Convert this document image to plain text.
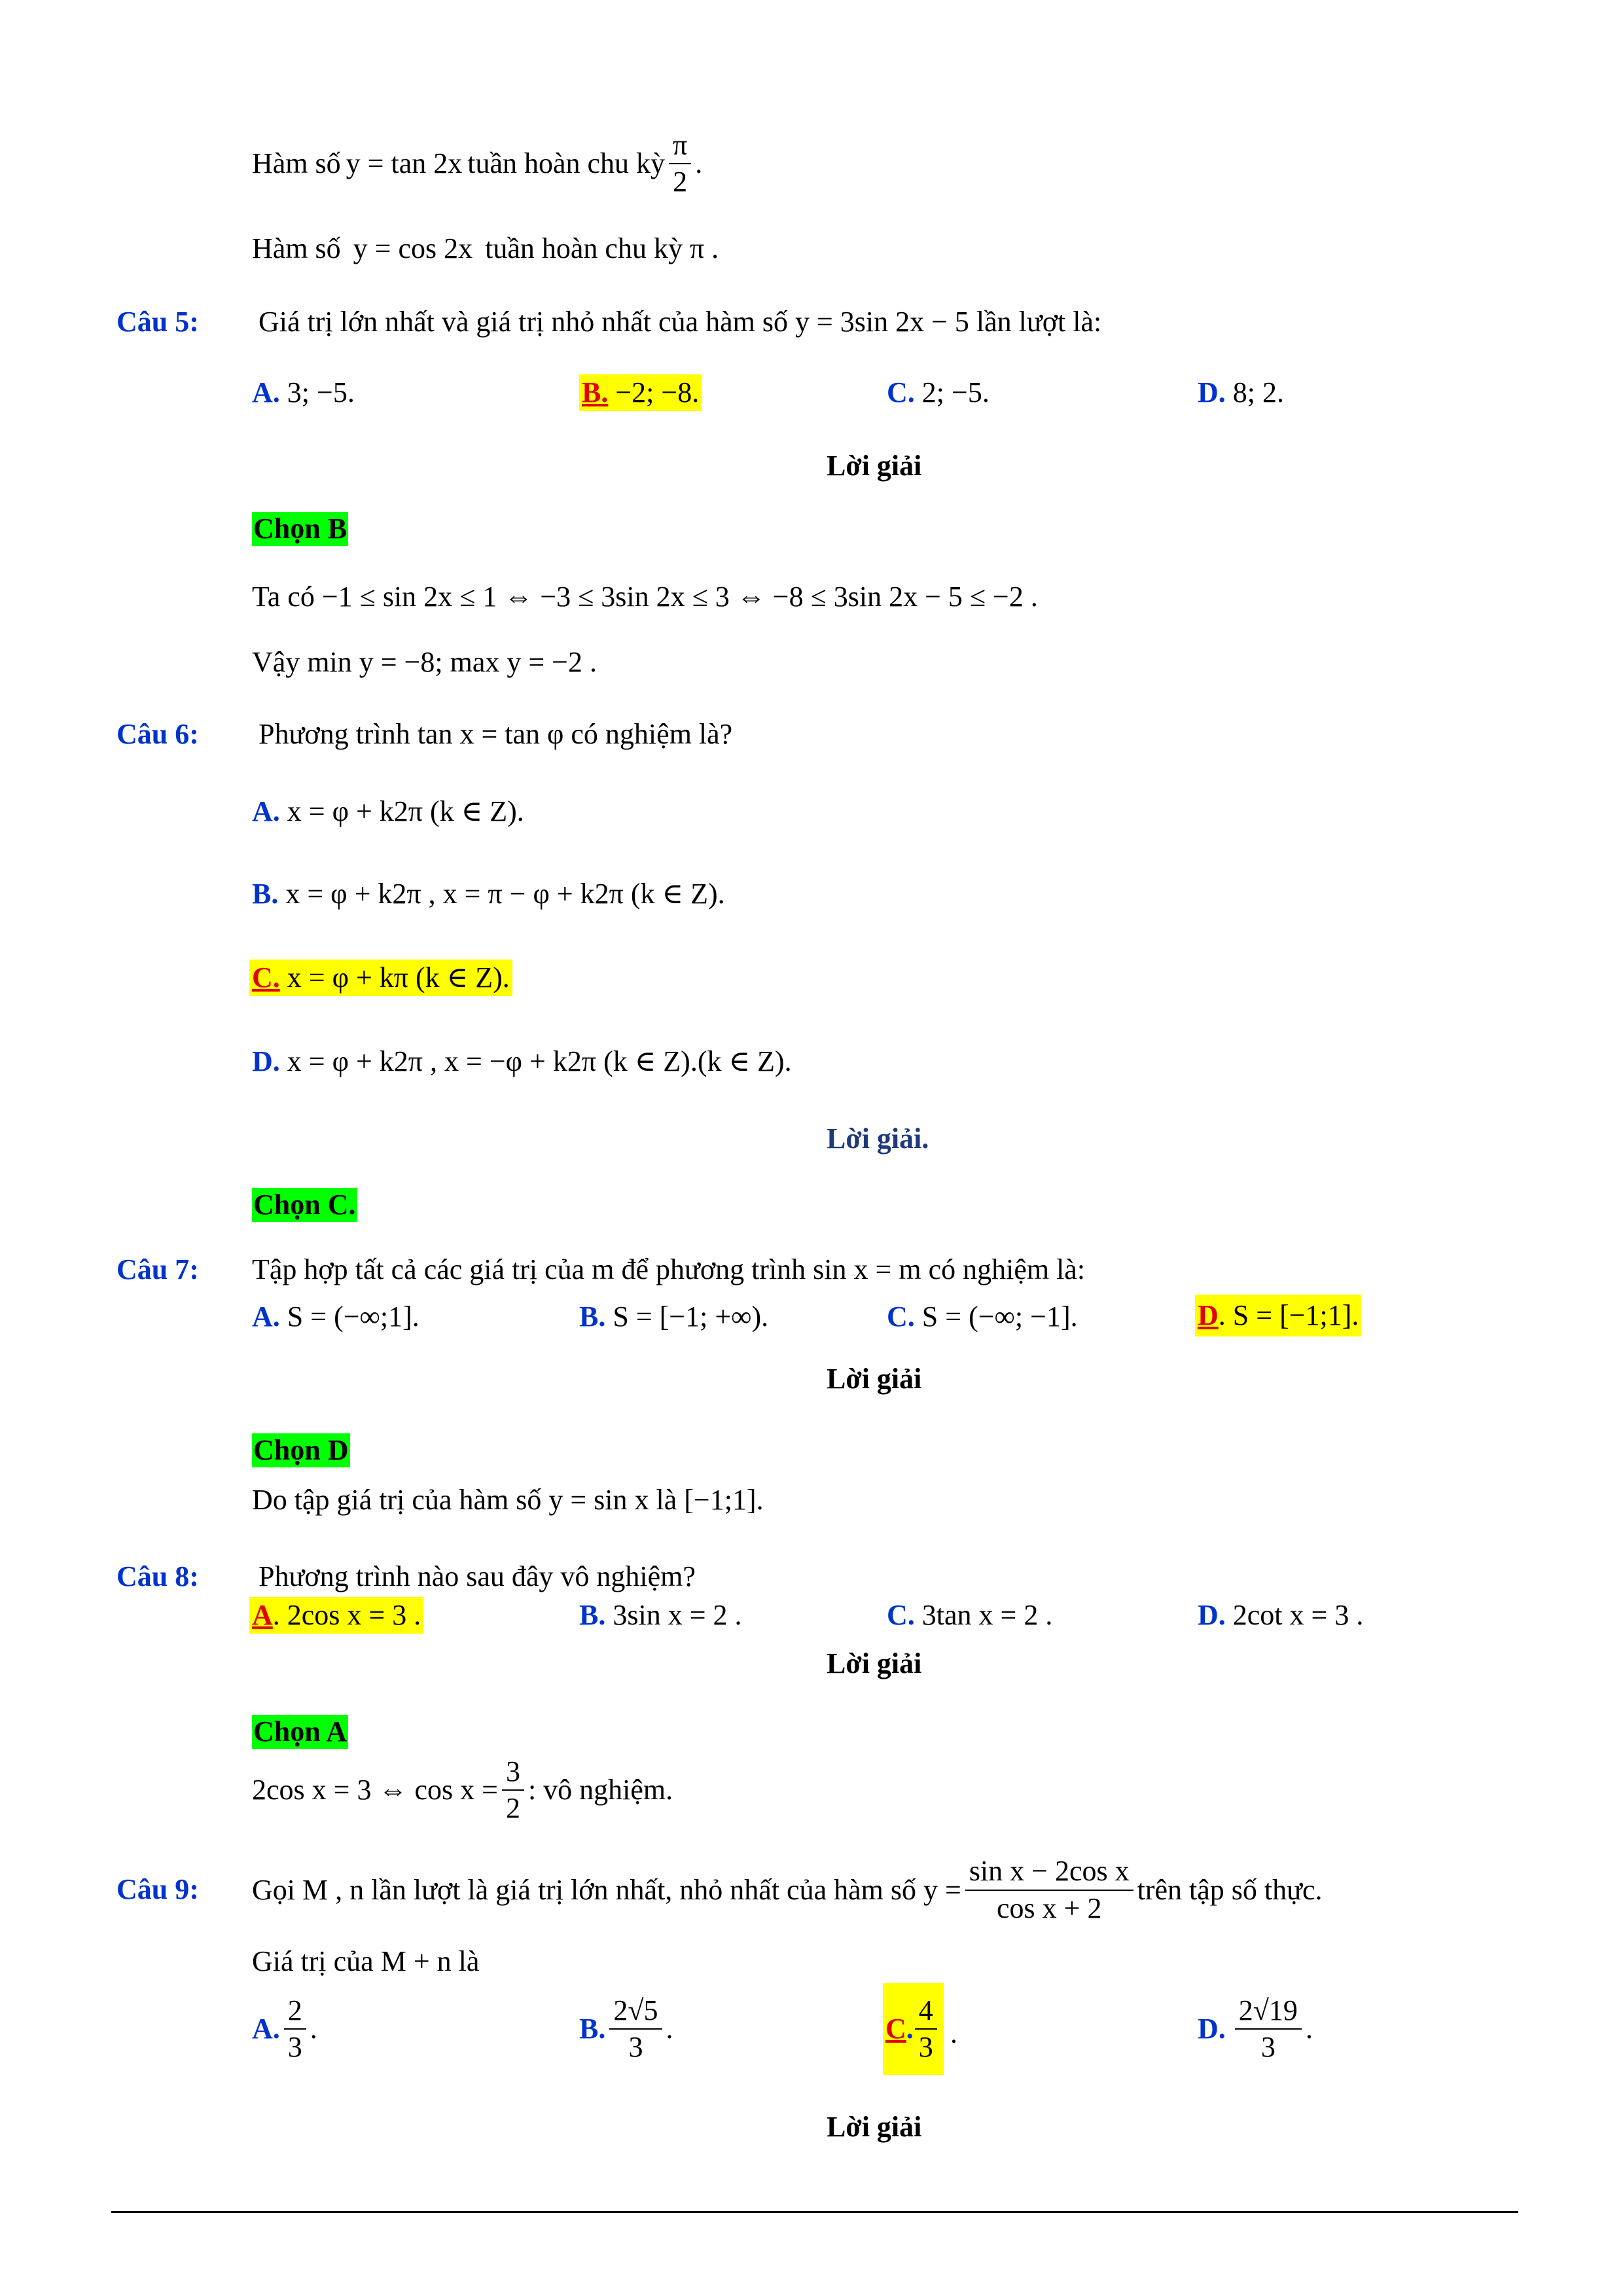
Hàm số y = tan 2x tuần hoàn chu kỳ $\frac{\pi}{2}$ .
Hàm số y = cos 2x tuần hoàn chu kỳ π .
Câu 5: Giá trị lớn nhất và giá trị nhỏ nhất của hàm số y = 3sin 2x − 5 lần lượt là:
A. 3; −5.	B. −2; −8.	C. 2; −5.	D. 8; 2.
Lời giải
Chọn B
Ta có −1 ≤ sin 2x ≤ 1 ⇔ −3 ≤ 3sin 2x ≤ 3 ⇔ −8 ≤ 3sin 2x − 5 ≤ −2 .
Vậy min y = −8; max y = −2 .
Câu 6: Phương trình tan x = tan φ có nghiệm là?
A. x = φ + k2π (k ∈ Z).
B. x = φ + k2π , x = π − φ + k2π (k ∈ Z).
C. x = φ + kπ (k ∈ Z).
D. x = φ + k2π , x = −φ + k2π (k ∈ Z).(k ∈ Z).
Lời giải.
Chọn C.
Câu 7: Tập hợp tất cả các giá trị của m để phương trình sin x = m có nghiệm là:
A. S = (−∞;1].	B. S = [−1; +∞).	C. S = (−∞; −1].	D. S = [−1;1].
Lời giải
Chọn D
Do tập giá trị của hàm số y = sin x là [−1;1].
Câu 8: Phương trình nào sau đây vô nghiệm?
A. 2cos x = 3 .	B. 3sin x = 2 .	C. 3tan x = 2 .	D. 2cot x = 3 .
Lời giải
Chọn A
2cos x = 3 ⇔ $\cos x = \frac{3}{2}$ : vô nghiệm.
Câu 9: Gọi M , n lần lượt là giá trị lớn nhất, nhỏ nhất của hàm số $y = \frac{\text{sin x − 2cos x}}{\text{cos x + 2}}$ trên tập số thực.
Giá trị của M + n là
A. $\frac{2}{3}$ .	B. $\frac{2√5}{3}$ .	C . $\frac{4}{3}$ .	D. $\frac{2√19}{3}$ .
Lời giải
